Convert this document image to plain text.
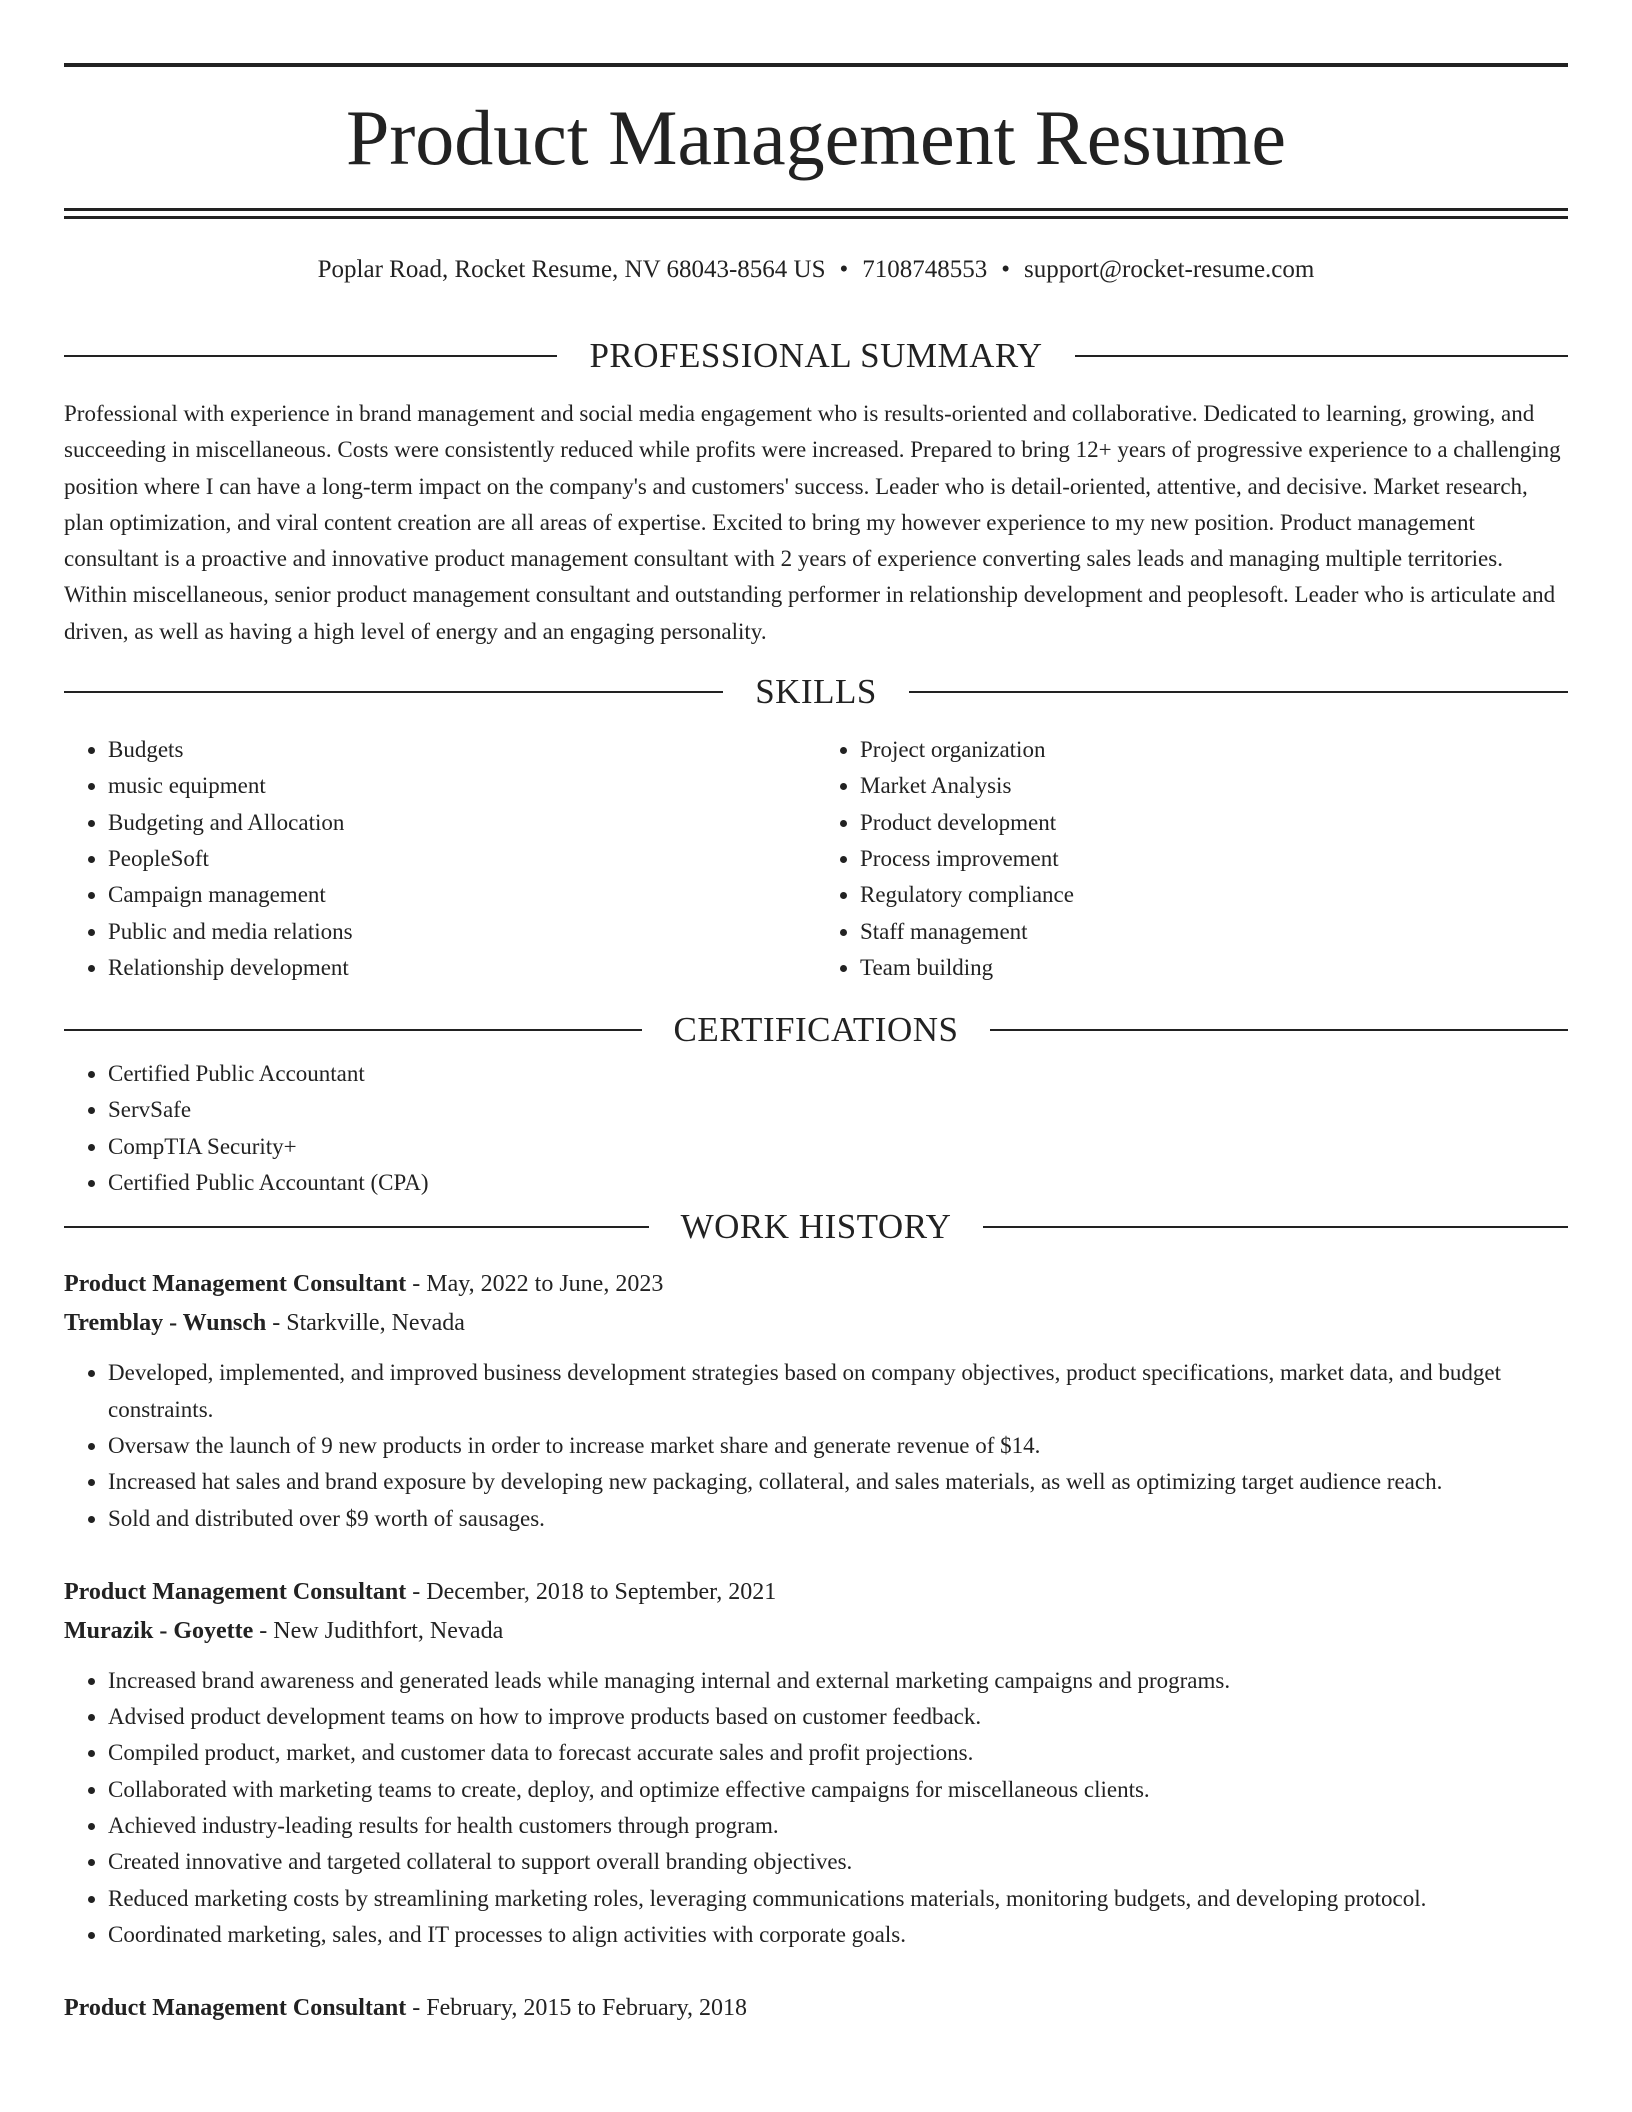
Product Management Resume
Poplar Road, Rocket Resume, NV 68043-8564 US • 7108748553 • support@rocket-resume.com
PROFESSIONAL SUMMARY

Professional with experience in brand management and social media engagement who is results-oriented and collaborative. Dedicated to learning, growing, and succeeding in miscellaneous. Costs were consistently reduced while profits were increased. Prepared to bring 12+ years of progressive experience to a challenging position where I can have a long-term impact on the company's and customers' success. Leader who is detail-oriented, attentive, and decisive. Market research, plan optimization, and viral content creation are all areas of expertise. Excited to bring my however experience to my new position. Product management consultant is a proactive and innovative product management consultant with 2 years of experience converting sales leads and managing multiple territories. Within miscellaneous, senior product management consultant and outstanding performer in relationship development and peoplesoft. Leader who is articulate and driven, as well as having a high level of energy and an engaging personality.

SKILLS
• Budgets
• music equipment
• Budgeting and Allocation
• PeopleSoft
• Campaign management
• Public and media relations
• Relationship development
• Project organization
• Market Analysis
• Product development
• Process improvement
• Regulatory compliance
• Staff management
• Team building
CERTIFICATIONS
• Certified Public Accountant
• ServSafe
• CompTIA Security+
• Certified Public Accountant (CPA)
WORK HISTORY
Product Management Consultant - May, 2022 to June, 2023
Tremblay - Wunsch - Starkville, Nevada
• Developed, implemented, and improved business development strategies based on company objectives, product specifications, market data, and budget constraints.
• Oversaw the launch of 9 new products in order to increase market share and generate revenue of $14.
• Increased hat sales and brand exposure by developing new packaging, collateral, and sales materials, as well as optimizing target audience reach.
• Sold and distributed over $9 worth of sausages.
Product Management Consultant - December, 2018 to September, 2021
Murazik - Goyette - New Judithfort, Nevada
• Increased brand awareness and generated leads while managing internal and external marketing campaigns and programs.
• Advised product development teams on how to improve products based on customer feedback.
• Compiled product, market, and customer data to forecast accurate sales and profit projections.
• Collaborated with marketing teams to create, deploy, and optimize effective campaigns for miscellaneous clients.
• Achieved industry-leading results for health customers through program.
• Created innovative and targeted collateral to support overall branding objectives.
• Reduced marketing costs by streamlining marketing roles, leveraging communications materials, monitoring budgets, and developing protocol.
• Coordinated marketing, sales, and IT processes to align activities with corporate goals.
Product Management Consultant - February, 2015 to February, 2018
